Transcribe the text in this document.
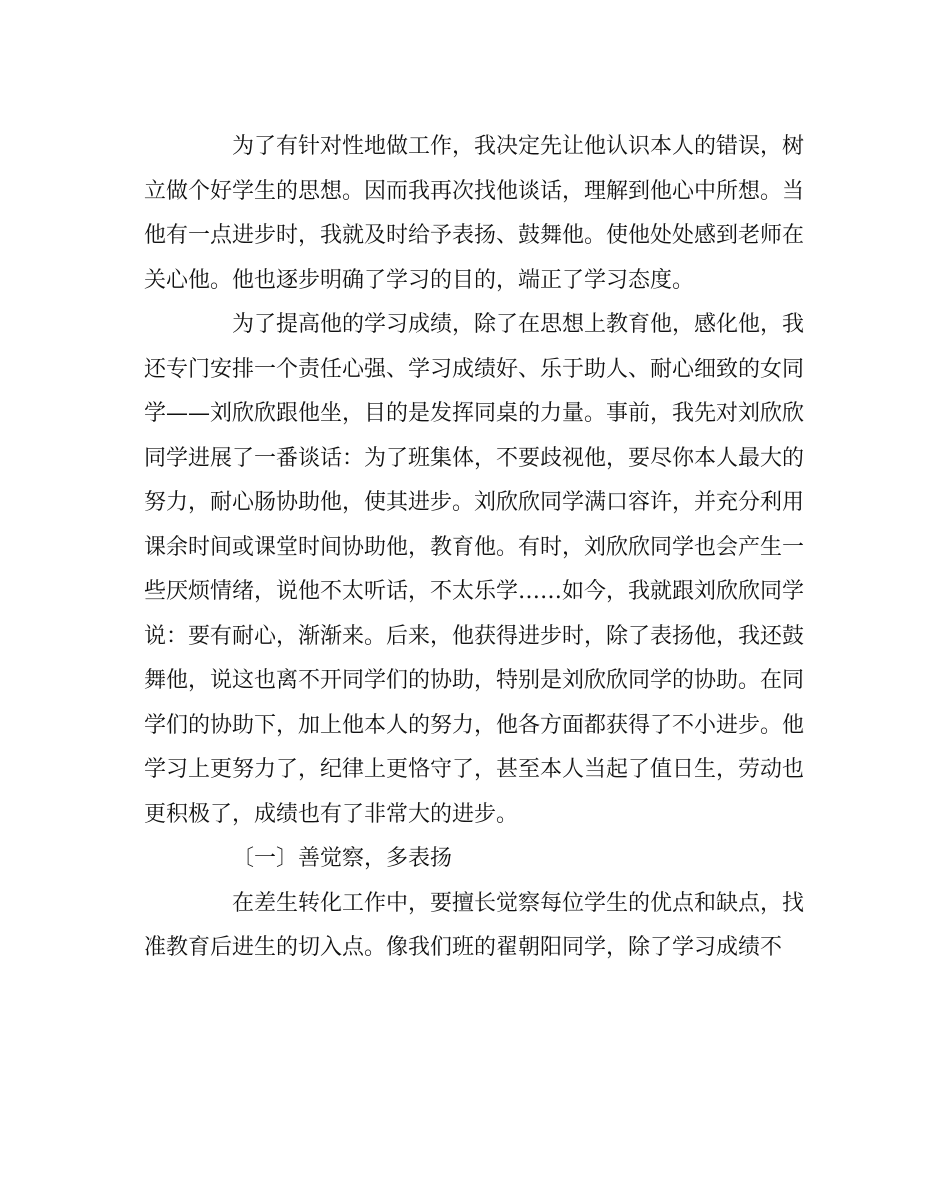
为了有针对性地做工作，我决定先让他认识本人的错误，树
立做个好学生的思想。因而我再次找他谈话，理解到他心中所想。当
他有一点进步时，我就及时给予表扬、鼓舞他。使他处处感到老师在
关心他。他也逐步明确了学习的目的，端正了学习态度。
为了提高他的学习成绩，除了在思想上教育他，感化他，我
还专门安排一个责任心强、学习成绩好、乐于助人、耐心细致的女同
学——刘欣欣跟他坐，目的是发挥同桌的力量。事前，我先对刘欣欣
同学进展了一番谈话：为了班集体，不要歧视他，要尽你本人最大的
努力，耐心肠协助他，使其进步。刘欣欣同学满口容许，并充分利用
课余时间或课堂时间协助他，教育他。有时，刘欣欣同学也会产生一
些厌烦情绪，说他不太听话，不太乐学……如今，我就跟刘欣欣同学
说：要有耐心，渐渐来。后来，他获得进步时，除了表扬他，我还鼓
舞他，说这也离不开同学们的协助，特别是刘欣欣同学的协助。在同
学们的协助下，加上他本人的努力，他各方面都获得了不小进步。他
学习上更努力了，纪律上更恪守了，甚至本人当起了值日生，劳动也
更积极了，成绩也有了非常大的进步。
〔一〕善觉察，多表扬
在差生转化工作中，要擅长觉察每位学生的优点和缺点，找
准教育后进生的切入点。像我们班的翟朝阳同学，除了学习成绩不
